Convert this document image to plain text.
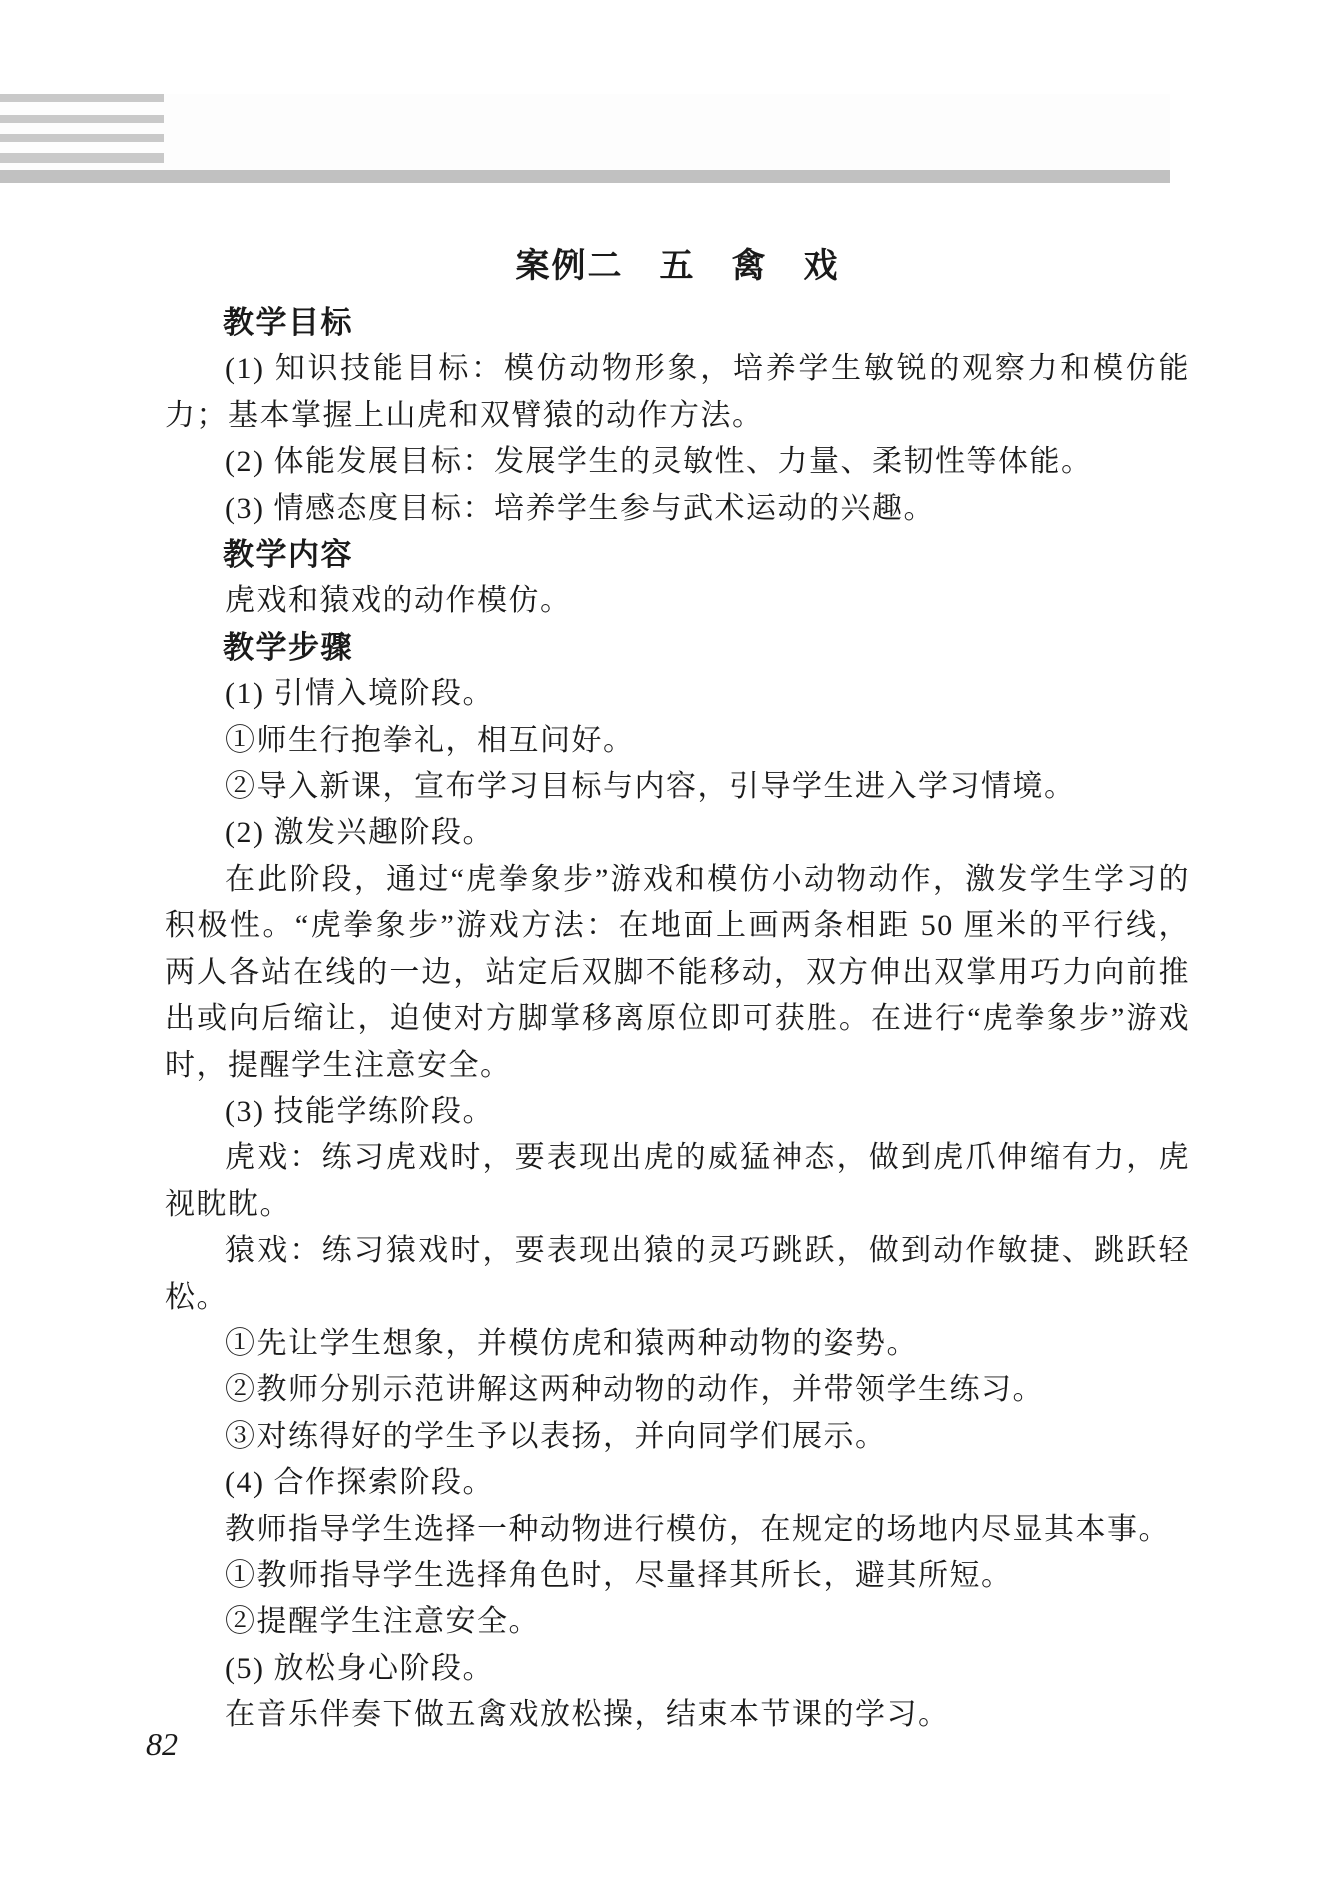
案例二　五　禽　戏
教学目标

(1) 知识技能目标：模仿动物形象，培养学生敏锐的观察力和模仿能力；基本掌握上山虎和双臂猿的动作方法。

(2) 体能发展目标：发展学生的灵敏性、力量、柔韧性等体能。

(3) 情感态度目标：培养学生参与武术运动的兴趣。

教学内容

虎戏和猿戏的动作模仿。

教学步骤

(1) 引情入境阶段。

①师生行抱拳礼，相互问好。

②导入新课，宣布学习目标与内容，引导学生进入学习情境。

(2) 激发兴趣阶段。

在此阶段，通过“虎拳象步”游戏和模仿小动物动作，激发学生学习的积极性。“虎拳象步”游戏方法：在地面上画两条相距 50 厘米的平行线，两人各站在线的一边，站定后双脚不能移动，双方伸出双掌用巧力向前推出或向后缩让，迫使对方脚掌移离原位即可获胜。在进行“虎拳象步”游戏时，提醒学生注意安全。

(3) 技能学练阶段。

虎戏：练习虎戏时，要表现出虎的威猛神态，做到虎爪伸缩有力，虎视眈眈。

猿戏：练习猿戏时，要表现出猿的灵巧跳跃，做到动作敏捷、跳跃轻松。

①先让学生想象，并模仿虎和猿两种动物的姿势。

②教师分别示范讲解这两种动物的动作，并带领学生练习。

③对练得好的学生予以表扬，并向同学们展示。

(4) 合作探索阶段。

教师指导学生选择一种动物进行模仿，在规定的场地内尽显其本事。

①教师指导学生选择角色时，尽量择其所长，避其所短。

②提醒学生注意安全。

(5) 放松身心阶段。

在音乐伴奏下做五禽戏放松操，结束本节课的学习。

82
